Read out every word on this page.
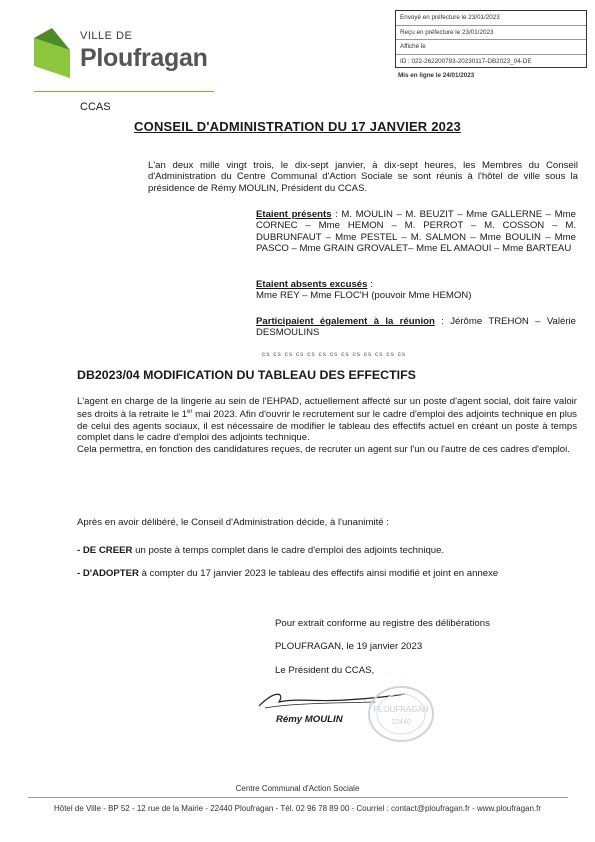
VILLE DE
Ploufragan
Envoyé en préfecture le 23/01/2023
Reçu en préfecture le 23/01/2023
Affiché le
ID : 022-262200793-20230117-DB2023_04-DE
Mis en ligne le 24/01/2023
CCAS
CONSEIL D'ADMINISTRATION DU 17 JANVIER 2023
L'an deux mille vingt trois, le dix-sept janvier, à dix-sept heures, les Membres du Conseil d'Administration du Centre Communal d'Action Sociale se sont réunis à l'hôtel de ville sous la présidence de Rémy MOULIN, Président du CCAS.
Etaient présents : M. MOULIN – M. BEUZIT – Mme GALLERNE – Mme CORNEC – Mme HEMON – M. PERROT – M. COSSON – M. DUBRUNFAUT – Mme PESTEL – M. SALMON – Mme BOULIN – Mme PASCO – Mme GRAIN GROVALET– Mme EL AMAOUI – Mme BARTEAU
Etaient absents excusés :
Mme REY – Mme FLOC'H (pouvoir Mme HEMON)
Participaient également à la réunion : Jérôme TREHON – Valérie DESMOULINS
cs cs cs cs cs cs cs cs cs cs cs cs cs
DB2023/04 MODIFICATION DU TABLEAU DES EFFECTIFS
L'agent en charge de la lingerie au sein de l'EHPAD, actuellement affecté sur un poste d'agent social, doit faire valoir ses droits à la retraite le 1er mai 2023. Afin d'ouvrir le recrutement sur le cadre d'emploi des adjoints technique en plus de celui des agents sociaux, il est nécessaire de modifier le tableau des effectifs actuel en créant un poste à temps complet dans le cadre d'emploi des adjoints technique.
Cela permettra, en fonction des candidatures reçues, de recruter un agent sur l'un ou l'autre de ces cadres d'emploi.
Après en avoir délibéré, le Conseil d'Administration décide, à l'unanimité :
- DE CREER un poste à temps complet dans le cadre d'emploi des adjoints technique.
- D'ADOPTER à compter du 17 janvier 2023 le tableau des effectifs ainsi modifié et joint en annexe
Pour extrait conforme au registre des délibérations
PLOUFRAGAN, le 19 janvier 2023
Le Président du CCAS,
PLOUFRAGAN
22440
Rémy MOULIN
Centre Communal d'Action Sociale
Hôtel de Ville - BP 52 - 12 rue de la Mairie - 22440 Ploufragan - Tél. 02 96 78 89 00 - Courriel : contact@ploufragan.fr - www.ploufragan.fr
